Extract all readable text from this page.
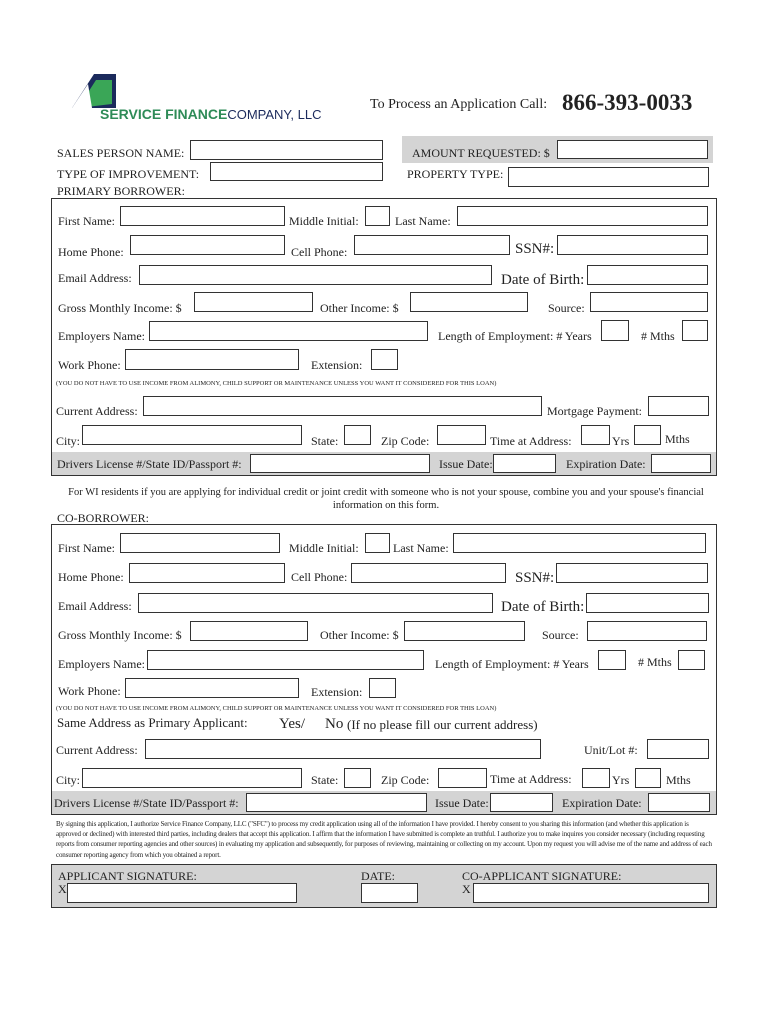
SERVICE FINANCECOMPANY, LLC
To Process an Application Call: 866-393-0033
SALES PERSON NAME:	AMOUNT REQUESTED: $
TYPE OF IMPROVEMENT:	PROPERTY TYPE:
PRIMARY BORROWER:
First Name:	Middle Initial:	Last Name:
Home Phone:	Cell Phone:	SSN#:
Email Address:	Date of Birth:
Gross Monthly Income: $	Other Income: $	Source:
Employers Name:	Length of Employment: # Years	# Mths
Work Phone:	Extension:
(YOU DO NOT HAVE TO USE INCOME FROM ALIMONY, CHILD SUPPORT OR MAINTENANCE UNLESS YOU WANT IT CONSIDERED FOR THIS LOAN)
Current Address:	Mortgage Payment:
City:	State:	Zip Code:	Time at Address:	Yrs	Mths
Drivers License #/State ID/Passport #:	Issue Date:	Expiration Date:
For WI residents if you are applying for individual credit or joint credit with someone who is not your spouse, combine you and your spouse's financial information on this form.
CO-BORROWER:
First Name:	Middle Initial:	Last Name:
Home Phone:	Cell Phone:	SSN#:
Email Address:	Date of Birth:
Gross Monthly Income: $	Other Income: $	Source:
Employers Name:	Length of Employment: # Years	# Mths
Work Phone:	Extension:
(YOU DO NOT HAVE TO USE INCOME FROM ALIMONY, CHILD SUPPORT OR MAINTENANCE UNLESS YOU WANT IT CONSIDERED FOR THIS LOAN)
Same Address as Primary Applicant: Yes/ No (If no please fill our current address)
Current Address:	Unit/Lot #:
City:	State:	Zip Code:	Time at Address:	Yrs	Mths
Drivers License #/State ID/Passport #:	Issue Date:	Expiration Date:
By signing this application, I authorize Service Finance Company, LLC ("SFC") to process my credit application using all of the information I have provided. I hereby consent to you sharing this information (and whether this application is approved or declined) with interested third parties, including dealers that accept this application. I affirm that the information I have submitted is complete an truthful. I authorize you to make inquires you consider necessary (including requesting reports from consumer reporting agencies and other sources) in evaluating my application and subsequently, for purposes of reviewing, maintaining or collecting on my account. Upon my request you will advise me of the name and address of each consumer reporting agency from which you obtained a report.
APPLICANT SIGNATURE:
X
DATE:	CO-APPLICANT SIGNATURE:
X
